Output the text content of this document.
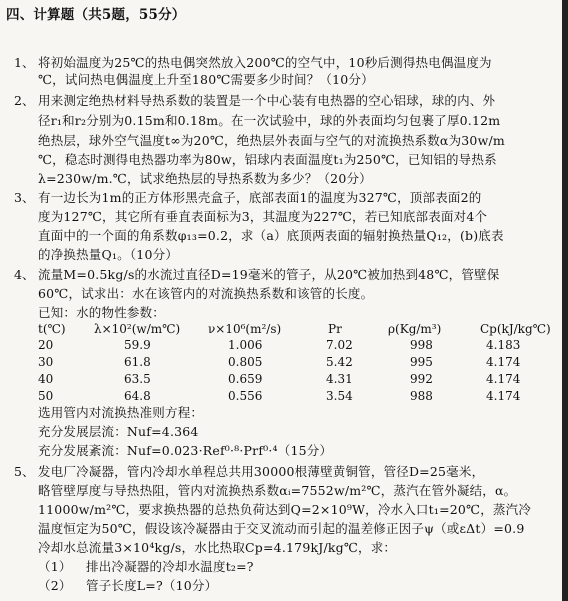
四、计算题（共5题，55分）
1、 将初始温度为25℃的热电偶突然放入200℃的空气中，10秒后测得热电偶温度为
℃，试问热电偶温度上升至180℃需要多少时间？（10分）
2、 用来测定绝热材料导热系数的装置是一个中心装有电热器的空心铝球，球的内、外
径r₁和r₂分别为0.15m和0.18m。在一次试验中，球的外表面均匀包裹了厚0.12m
绝热层，球外空气温度t∞为20℃，绝热层外表面与空气的对流换热系数α为30w/m
℃，稳态时测得电热器功率为80w，铝球内表面温度t₁为250℃，已知铝的导热系
λ=230w/m.℃，试求绝热层的导热系数为多少？（20分）
3、 有一边长为1m的正方体形黑壳盒子，底部表面1的温度为327℃，顶部表面2的
度为127℃，其它所有垂直表面标为3，其温度为227℃，若已知底部表面对4个
直面中的一个面的角系数φ₁₃=0.2，求（a）底顶两表面的辐射换热量Q₁₂，(b)底表
的净换热量Q₁。（10分）
4、 流量M=0.5kg/s的水流过直径D=19毫米的管子，从20℃被加热到48℃，管壁保
60℃，试求出：水在该管内的对流换热系数和该管的长度。
已知：水的物性参数：
t(℃) λ×10²(w/m℃) ν×10⁶(m²/s)	Pr	ρ(Kg/m³)	Cp(kJ/kg℃)
20	59.9	1.006	7.02	998	4.183
30	61.8	0.805	5.42	995	4.174
40	63.5	0.659	4.31	992	4.174
50	64.8	0.556	3.54	988	4.174
选用管内对流换热准则方程：
充分发展层流：Nuf=4.364
充分发展紊流：Nuf=0.023·Ref⁰·⁸·Prf⁰·⁴（15分）
5、 发电厂冷凝器，管内冷却水单程总共用30000根薄壁黄铜管，管径D=25毫米，
略管壁厚度与导热热阻，管内对流换热系数αᵢ=7552w/m²℃，蒸汽在管外凝结，α。
11000w/m²℃，要求换热器的总热负荷达到Q=2×10⁹W，冷水入口t₁=20℃，蒸汽冷
温度恒定为50℃，假设该冷凝器由于交叉流动而引起的温差修正因子ψ（或εΔt）=0.9
冷却水总流量3×10⁴kg/s，水比热取Cp=4.179kJ/kg℃，求：
（1） 排出冷凝器的冷却水温度t₂=?
（2） 管子长度L=?（10分）
